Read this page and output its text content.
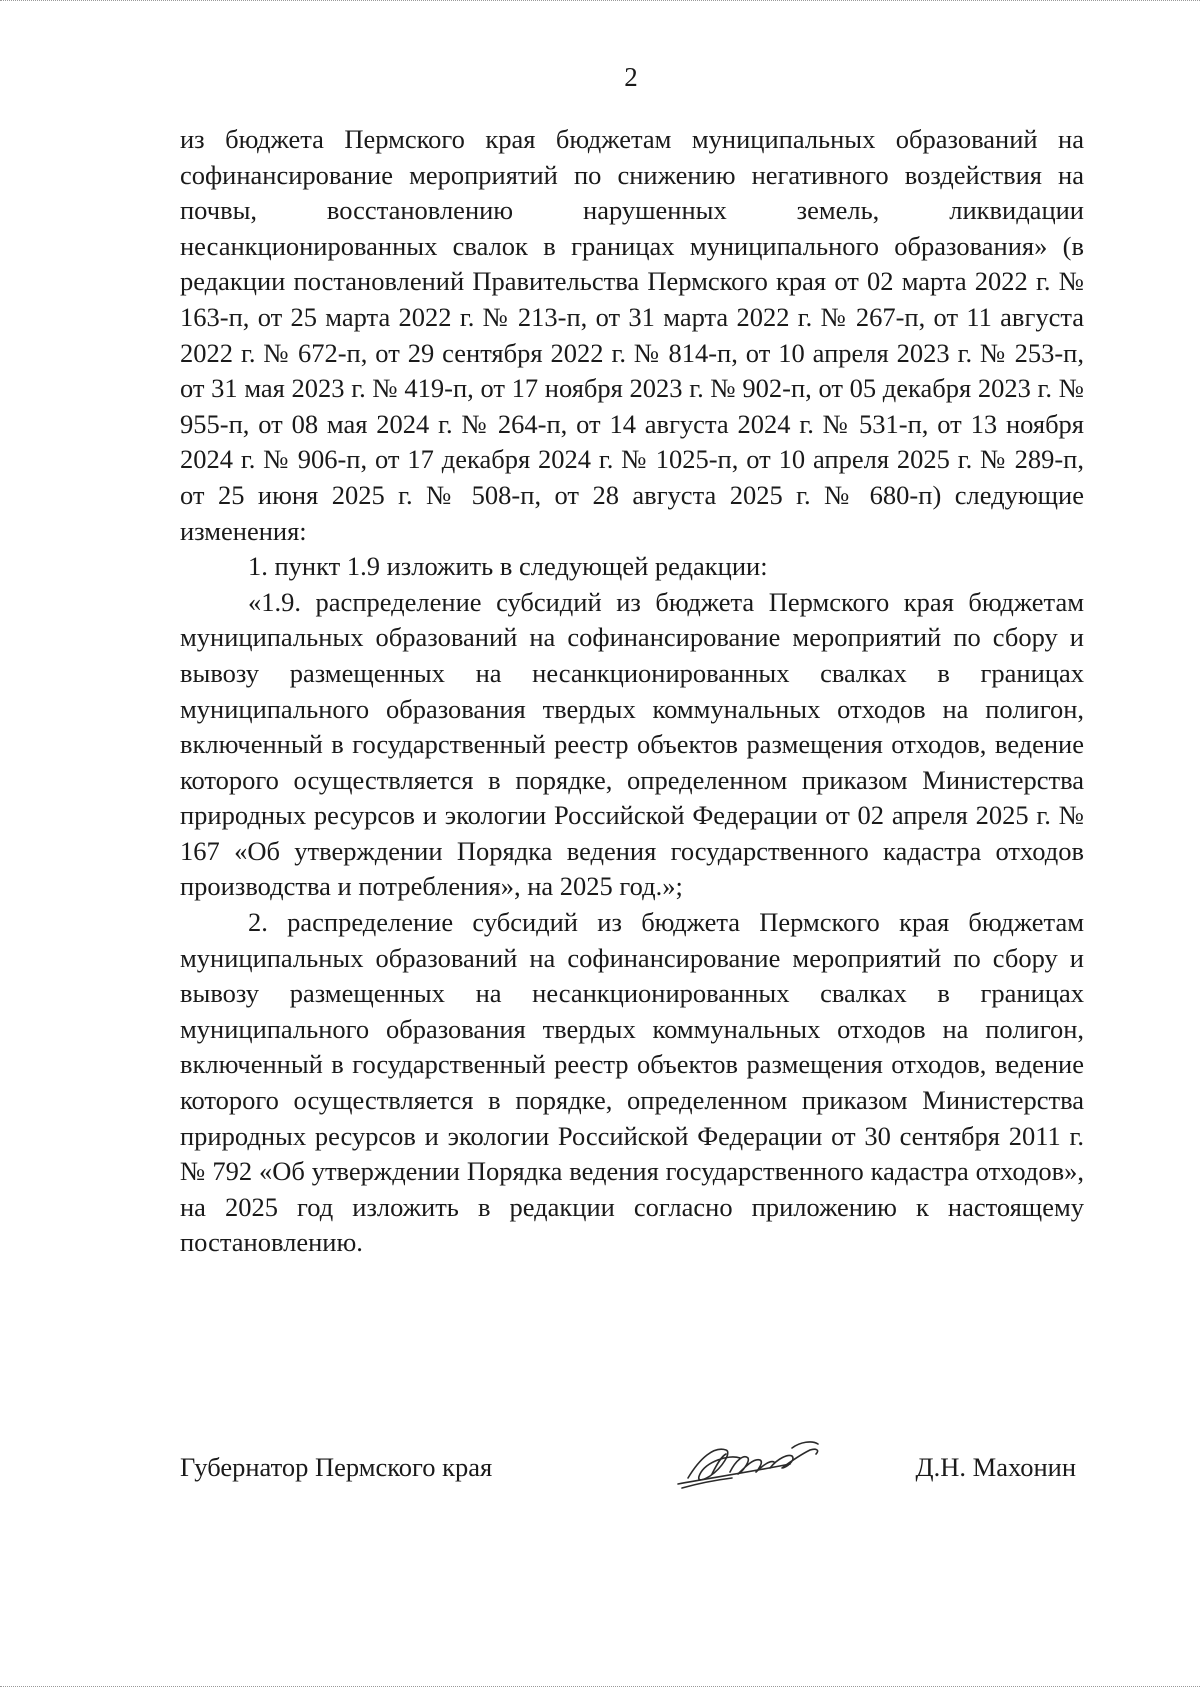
2

из бюджета Пермского края бюджетам муниципальных образований на софинансирование мероприятий по снижению негативного воздействия на почвы, восстановлению нарушенных земель, ликвидации несанкционированных свалок в границах муниципального образования» (в редакции постановлений Правительства Пермского края от 02 марта 2022 г. № 163-п, от 25 марта 2022 г. № 213-п, от 31 марта 2022 г. № 267-п, от 11 августа 2022 г. № 672-п, от 29 сентября 2022 г. № 814-п, от 10 апреля 2023 г. № 253-п, от 31 мая 2023 г. № 419-п, от 17 ноября 2023 г. № 902-п, от 05 декабря 2023 г. № 955-п, от 08 мая 2024 г. № 264-п, от 14 августа 2024 г. № 531-п, от 13 ноября 2024 г. № 906-п, от 17 декабря 2024 г. № 1025-п, от 10 апреля 2025 г. № 289-п, от 25 июня 2025 г. № 508-п, от 28 августа 2025 г. № 680-п) следующие изменения:

1. пункт 1.9 изложить в следующей редакции:

«1.9. распределение субсидий из бюджета Пермского края бюджетам муниципальных образований на софинансирование мероприятий по сбору и вывозу размещенных на несанкционированных свалках в границах муниципального образования твердых коммунальных отходов на полигон, включенный в государственный реестр объектов размещения отходов, ведение которого осуществляется в порядке, определенном приказом Министерства природных ресурсов и экологии Российской Федерации от 02 апреля 2025 г. № 167 «Об утверждении Порядка ведения государственного кадастра отходов производства и потребления», на 2025 год.»;

2. распределение субсидий из бюджета Пермского края бюджетам муниципальных образований на софинансирование мероприятий по сбору и вывозу размещенных на несанкционированных свалках в границах муниципального образования твердых коммунальных отходов на полигон, включенный в государственный реестр объектов размещения отходов, ведение которого осуществляется в порядке, определенном приказом Министерства природных ресурсов и экологии Российской Федерации от 30 сентября 2011 г. № 792 «Об утверждении Порядка ведения государственного кадастра отходов», на 2025 год изложить в редакции согласно приложению к настоящему постановлению.

Губернатор Пермского края	Д.Н. Махонин
